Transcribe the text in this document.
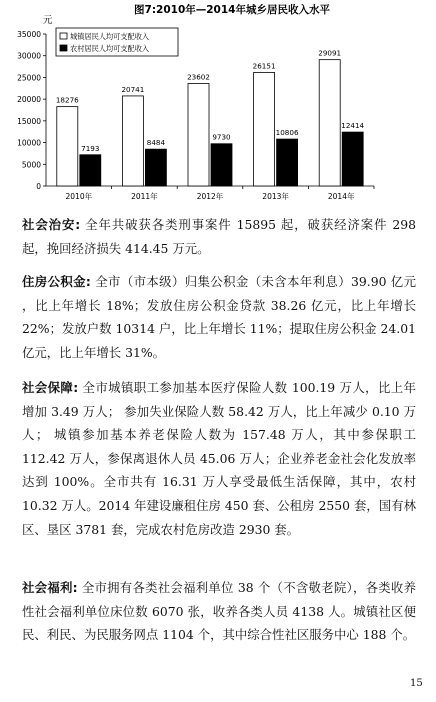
图7:2010年—2014年城乡居民收入水平
元
0
5000
10000
15000
20000
25000
30000
35000
18276
7193
2010年
20741
8484
2011年
23602
9730
2012年
26151
10806
2013年
29091
12414
2014年
城镇居民人均可支配收入
农村居民人均可支配收入

社会治安: 全年共破获各类刑事案件 15895 起，破获经济案件 298 起，挽回经济损失 414.45 万元。

住房公积金: 全市（市本级）归集公积金（未含本年利息）39.90 亿元 ，比上年增长 18%；发放住房公积金贷款 38.26 亿元，比上年增长 22%；发放户数 10314 户，比上年增长 11%；提取住房公积金 24.01 亿元，比上年增长 31%。

社会保障: 全市城镇职工参加基本医疗保险人数 100.19 万人，比上年增加 3.49 万人； 参加失业保险人数 58.42 万人，比上年减少 0.10 万人； 城镇参加基本养老保险人数为 157.48 万人，其中参保职工 112.42 万人，参保离退休人员 45.06 万人；企业养老金社会化发放率达到 100%。全市共有 16.31 万人享受最低生活保障，其中，农村 10.32 万人。2014 年建设廉租住房 450 套、公租房 2550 套，国有林区、垦区 3781 套，完成农村危房改造 2930 套。

社会福利: 全市拥有各类社会福利单位 38 个（不含敬老院），各类收养性社会福利单位床位数 6070 张，收养各类人员 4138 人。城镇社区便民、利民、为民服务网点 1104 个，其中综合性社区服务中心 188 个。

15
